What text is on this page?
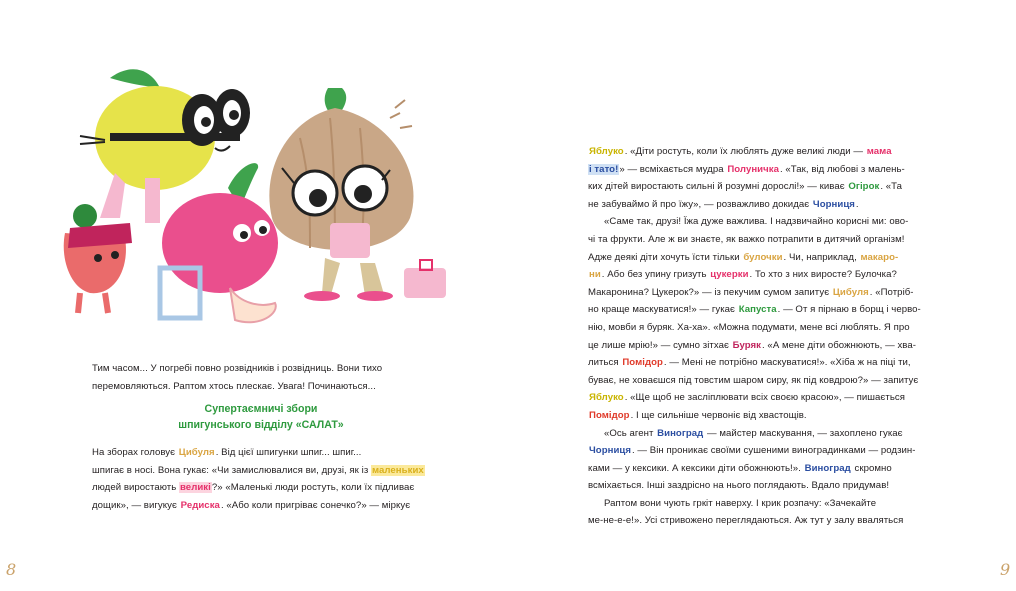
Тим часом... У погребі повно розвідників і розвідниць. Вони тихо
перемовляються. Раптом хтось плескає. Увага! Починаються...
Супертаємничі збори
шпигунського відділу «САЛАТ»
На зборах головує Цибуля. Від цієї шпигунки шпиг... шпиг...
шпигає в носі. Вона гукає: «Чи замислювалися ви, друзі, як із маленьких
людей виростають великі?» «Маленькі люди ростуть, коли їх підливає
дощик», — вигукує Редиска. «Або коли пригріває сонечко?» — міркує
8
Яблуко. «Діти ростуть, коли їх люблять дуже великі люди — мама
і тато!» — всміхається мудра Полуничка. «Так, від любові з малень-
ких дітей виростають сильні й розумні дорослі!» — киває Огірок. «Та
не забуваймо й про їжу», — розважливо докидає Чорниця.
«Саме так, друзі! Їжа дуже важлива. І надзвичайно корисні ми: ово-
чі та фрукти. Але ж ви знаєте, як важко потрапити в дитячий організм!
Адже деякі діти хочуть їсти тільки булочки. Чи, наприклад, макаро-
ни. Або без упину гризуть цукерки. То хто з них виросте? Булочка?
Макаронина? Цукерок?» — із пекучим сумом запитує Цибуля. «Потріб-
но краще маскуватися!» — гукає Капуста. — От я пірнаю в борщ і черво-
нію, мовби я буряк. Ха-ха». «Можна подумати, мене всі люблять. Я про
це лише мрію!» — сумно зітхає Буряк. «А мене діти обожнюють, — хва-
литься Помідор. — Мені не потрібно маскуватися!». «Хіба ж на піці ти,
буває, не ховаєшся під товстим шаром сиру, як під ковдрою?» — запитує
Яблуко. «Ще щоб не засліплювати всіх своєю красою», — пишається
Помідор. І ще сильніше червоніє від хвастощів.
«Ось агент Виноград — майстер маскування, — захоплено гукає
Чорниця. — Він проникає своїми сушеними виноградинками — родзин-
ками — у кексики. А кексики діти обожнюють!». Виноград скромно
всміхається. Інші заздрісно на нього поглядають. Вдало придумав!
Раптом вони чують гркіт наверху. І крик розпачу: «Зачекайте
ме-не-е-е!». Усі стривожено переглядаються. Аж тут у залу вваляться
9
